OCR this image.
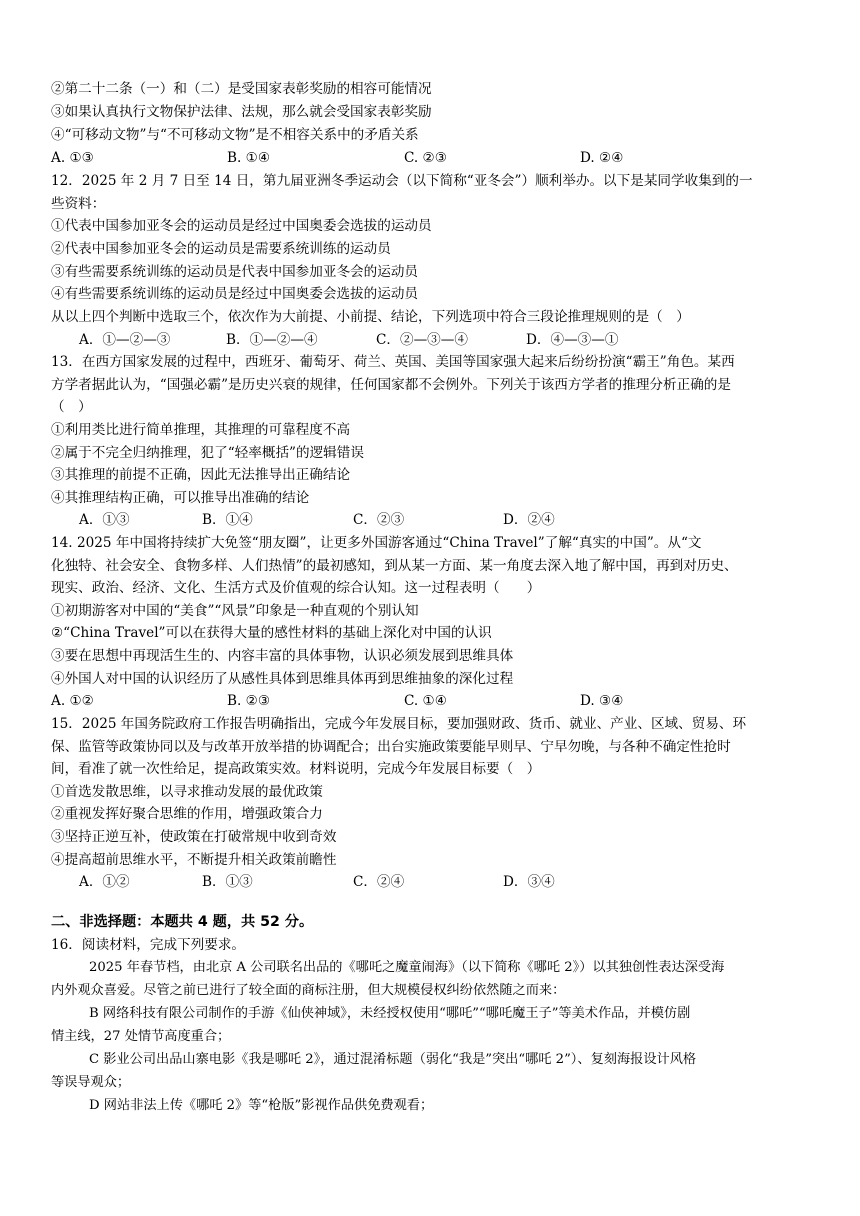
②第二十二条（一）和（二）是受国家表彰奖励的相容可能情况
③如果认真执行文物保护法律、法规，那么就会受国家表彰奖励
④“可移动文物”与“不可移动文物”是不相容关系中的矛盾关系
A. ①③	B. ①④	C. ②③	D. ②④
12．2025 年 2 月 7 日至 14 日，第九届亚洲冬季运动会（以下简称“亚冬会”）顺利举办。以下是某同学收集到的一
些资料：
①代表中国参加亚冬会的运动员是经过中国奥委会选拔的运动员
②代表中国参加亚冬会的运动员是需要系统训练的运动员
③有些需要系统训练的运动员是代表中国参加亚冬会的运动员
④有些需要系统训练的运动员是经过中国奥委会选拔的运动员
从以上四个判断中选取三个，依次作为大前提、小前提、结论，下列选项中符合三段论推理规则的是（　）
A．①—②—③	B．①—②—④	C．②—③—④	D．④—③—①
13．在西方国家发展的过程中，西班牙、葡萄牙、荷兰、英国、美国等国家强大起来后纷纷扮演“霸王”角色。某西
方学者据此认为，“国强必霸”是历史兴衰的规律，任何国家都不会例外。下列关于该西方学者的推理分析正确的是
（　）
①利用类比进行简单推理，其推理的可靠程度不高
②属于不完全归纳推理，犯了“轻率概括”的逻辑错误
③其推理的前提不正确，因此无法推导出正确结论
④其推理结构正确，可以推导出准确的结论
A．①③	B．①④	C．②③	D．②④
14. 2025 年中国将持续扩大免签“朋友圈”，让更多外国游客通过“China Travel”了解“真实的中国”。从“文
化独特、社会安全、食物多样、人们热情”的最初感知，到从某一方面、某一角度去深入地了解中国，再到对历史、
现实、政治、经济、文化、生活方式及价值观的综合认知。这一过程表明（　　）
①初期游客对中国的“美食”“风景”印象是一种直观的个别认知
②“China Travel”可以在获得大量的感性材料的基础上深化对中国的认识
③要在思想中再现活生生的、内容丰富的具体事物，认识必须发展到思维具体
④外国人对中国的认识经历了从感性具体到思维具体再到思维抽象的深化过程
A. ①②	B. ②③	C. ①④	D. ③④
15．2025 年国务院政府工作报告明确指出，完成今年发展目标，要加强财政、货币、就业、产业、区域、贸易、环
保、监管等政策协同以及与改革开放举措的协调配合；出台实施政策要能早则早、宁早勿晚，与各种不确定性抢时
间，看准了就一次性给足，提高政策实效。材料说明，完成今年发展目标要（　）
①首选发散思维，以寻求推动发展的最优政策
②重视发挥好聚合思维的作用，增强政策合力
③坚持正逆互补，使政策在打破常规中收到奇效
④提高超前思维水平，不断提升相关政策前瞻性
A．①②	B．①③	C．②④	D．③④
二、非选择题：本题共 4 题，共 52 分。
16．阅读材料，完成下列要求。
2025 年春节档，由北京 A 公司联名出品的《哪吒之魔童闹海》（以下简称《哪吒 2》）以其独创性表达深受海
内外观众喜爱。尽管之前已进行了较全面的商标注册，但大规模侵权纠纷依然随之而来：
B 网络科技有限公司制作的手游《仙侠神域》，未经授权使用“哪吒”“哪吒魔王子”等美术作品，并模仿剧
情主线，27 处情节高度重合；
C 影业公司出品山寨电影《我是哪吒 2》，通过混淆标题（弱化“我是”突出“哪吒 2”）、复刻海报设计风格
等误导观众；
D 网站非法上传《哪吒 2》等“枪版”影视作品供免费观看；
